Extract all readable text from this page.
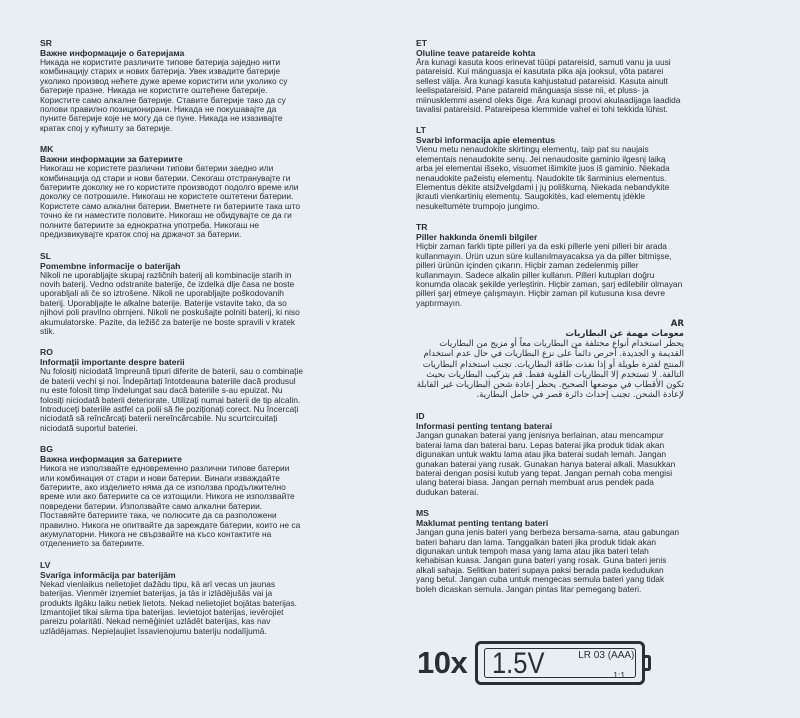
SR
Важне информације о батеријама

Никада не користите различите типове батерија заједно нити комбинацију старих и нових батерија. Увек извадите батерије уколико производ нећете дуже време користити или уколико су батерије празне. Никада не користите оштећене батерије. Користите само алкалне батерије. Ставите батерије тако да су полови правилно позиционирани. Никада не покушавајте да пуните батерије које не могу да се пуне. Никада не изазивајте кратак спој у кућишту за батерије.

MK
Важни информации за батериите

Никогаш не користете различни типови батерии заедно или комбинација од стари и нови батерии. Секогаш отстранувајте ги батериите доколку не го користите производот подолго време или доколку се потрошиле. Никогаш не користете оштетени батерии. Користете само алкални батерии. Вметнете ги батериите така што точно ќе ги наместите половите. Никогаш не обидувајте се да ги полните батериите за еднократна употреба. Никогаш не предизвикувајте краток спој на држачот за батерии.

SL
Pomembne informacije o baterijah

Nikoli ne uporabljajte skupaj različnih baterij ali kombinacije starih in novih baterij. Vedno odstranite baterije, če izdelka dlje časa ne boste uporabljali ali če so iztrošene. Nikoli ne uporabljajte poškodovanih baterij. Uporabljajte le alkalne baterije. Baterije vstavite tako, da so njihovi poli pravilno obrnjeni. Nikoli ne poskušajte polniti baterij, ki niso akumulatorske. Pazite, da ležišč za baterije ne boste spravili v kratek stik.

RO
Informații importante despre baterii

Nu folosiți niciodată împreună tipuri diferite de baterii, sau o combinație de baterii vechi și noi. Îndepărtați întotdeauna bateriile dacă produsul nu este folosit timp îndelungat sau dacă bateriile s-au epuizat. Nu folosiți niciodată baterii deteriorate. Utilizați numai baterii de tip alcalin. Introduceți bateriile astfel ca polii să fie poziționați corect. Nu încercați niciodată să reîncărcați baterii nereîncărcabile. Nu scurtcircuitați niciodată suportul bateriei.

BG
Важна информация за батериите

Никога не използвайте едновременно различни типове батерии или комбинация от стари и нови батерии. Винаги изваждайте батериите, ако изделието няма да се използва продължително време или ако батериите са се изтощили. Никога не използвайте повредени батерии. Използвайте само алкални батерии. Поставяйте батериите така, че полюсите да са разположени правилно. Никога не опитвайте да зареждате батерии, които не са акумулаторни. Никога не свързвайте на късо контактите на отделението за батериите.

LV
Svarīga informācija par baterijām

Nekad vienlaikus nelietojiet dažādu tipu, kā arī vecas un jaunas baterijas. Vienmēr izņemiet baterijas, ja tās ir izlādējušās vai ja produkts ilgāku laiku netiek lietots. Nekad nelietojiet bojātas baterijas. Izmantojiet tikai sārma tipa baterijas. Ievietojot baterijas, ievērojiet pareizu polaritāti. Nekad nemēģiniet uzlādēt baterijas, kas nav uzlādējamas. Nepieļaujiet īssavienojumu bateriju nodalījumā.

ET
Oluline teave patareide kohta

Ära kunagi kasuta koos erinevat tüüpi patareisid, samuti vanu ja uusi patareisid. Kui mänguasja ei kasutata pika aja jooksul, võta patarei sellest välja. Ära kunagi kasuta kahjustatud patareisid. Kasuta ainult leelispatareisid. Pane patareid mänguasja sisse nii, et pluss- ja miinusklemmi asend oleks õige. Ära kunagi proovi akulaadijaga laadida tavalisi patareisid. Patareipesa klemmide vahel ei tohi tekkida lühist.

LT
Svarbi informacija apie elementus

Vienu metu nenaudokite skirtingų elementų, taip pat su naujais elementais nenaudokite senų. Jei nenaudosite gaminio ilgesnį laiką arba jei elementai išseko, visuomet išimkite juos iš gaminio. Niekada nenaudokite pažeistų elementų. Naudokite tik šarminius elementus. Elementus dėkite atsižvelgdami į jų poliškumą. Niekada nebandykite įkrauti vienkartinių elementų. Saugokitės, kad elementų įdėkle nesukeltumėte trumpojo jungimo.

TR
Piller hakkında önemli bilgiler

Hiçbir zaman farklı tipte pilleri ya da eski pillerle yeni pilleri bir arada kullanmayın. Ürün uzun süre kullanılmayacaksa ya da piller bitmişse, pilleri ürünün içinden çıkarın. Hiçbir zaman zedelenmiş piller kullanmayın. Sadece alkalin piller kullanın. Pilleri kutupları doğru konumda olacak şekilde yerleştirin. Hiçbir zaman, şarj edilebilir olmayan pilleri şarj etmeye çalışmayın. Hiçbir zaman pil kutusuna kısa devre yaptırmayın.

AR
معومات مهمة عن البطاريات

يحظر استخدام أنواع مختلفة من البطاريات معاً أو مزيج من البطاريات القديمة و الجديدة. أحرص دائماً على نزع البطاريات في حال عدم استخدام المنتج لفترة طويلة أو إذا نفذت طاقة البطاريات. تجنب استخدام البطاريات التالفة. لا تستخدم إلا البطاريات القلوية فقط. قم بتركيب البطاريات بحيث تكون الأقطاب في موضعها الصحيح. يحظر إعادة شحن البطاريات غير القابلة لإعادة الشحن. تجنب إحداث دائرة قصر في حامل البطارية.

ID
Informasi penting tentang baterai

Jangan gunakan baterai yang jenisnya berlainan, atau mencampur baterai lama dan baterai baru. Lepas baterai jika produk tidak akan digunakan untuk waktu lama atau jika baterai sudah lemah. Jangan gunakan baterai yang rusak. Gunakan hanya baterai alkali. Masukkan baterai dengan posisi kutub yang tepat. Jangan pernah coba mengisi ulang baterai biasa. Jangan pernah membuat arus pendek pada dudukan baterai.

MS
Maklumat penting tentang bateri

Jangan guna jenis bateri yang berbeza bersama-sama, atau gabungan bateri baharu dan lama. Tanggalkan bateri jika produk tidak akan digunakan untuk tempoh masa yang lama atau jika bateri telah kehabisan kuasa. Jangan guna bateri yang rosak. Guna bateri jenis alkali sahaja. Selitkan bateri supaya paksi berada pada kedudukan yang betul. Jangan cuba untuk mengecas semula bateri yang tidak boleh dicaskan semula. Jangan pintas litar pemegang bateri.

10x 1.5V	LR 03 (AAA)
1:1
